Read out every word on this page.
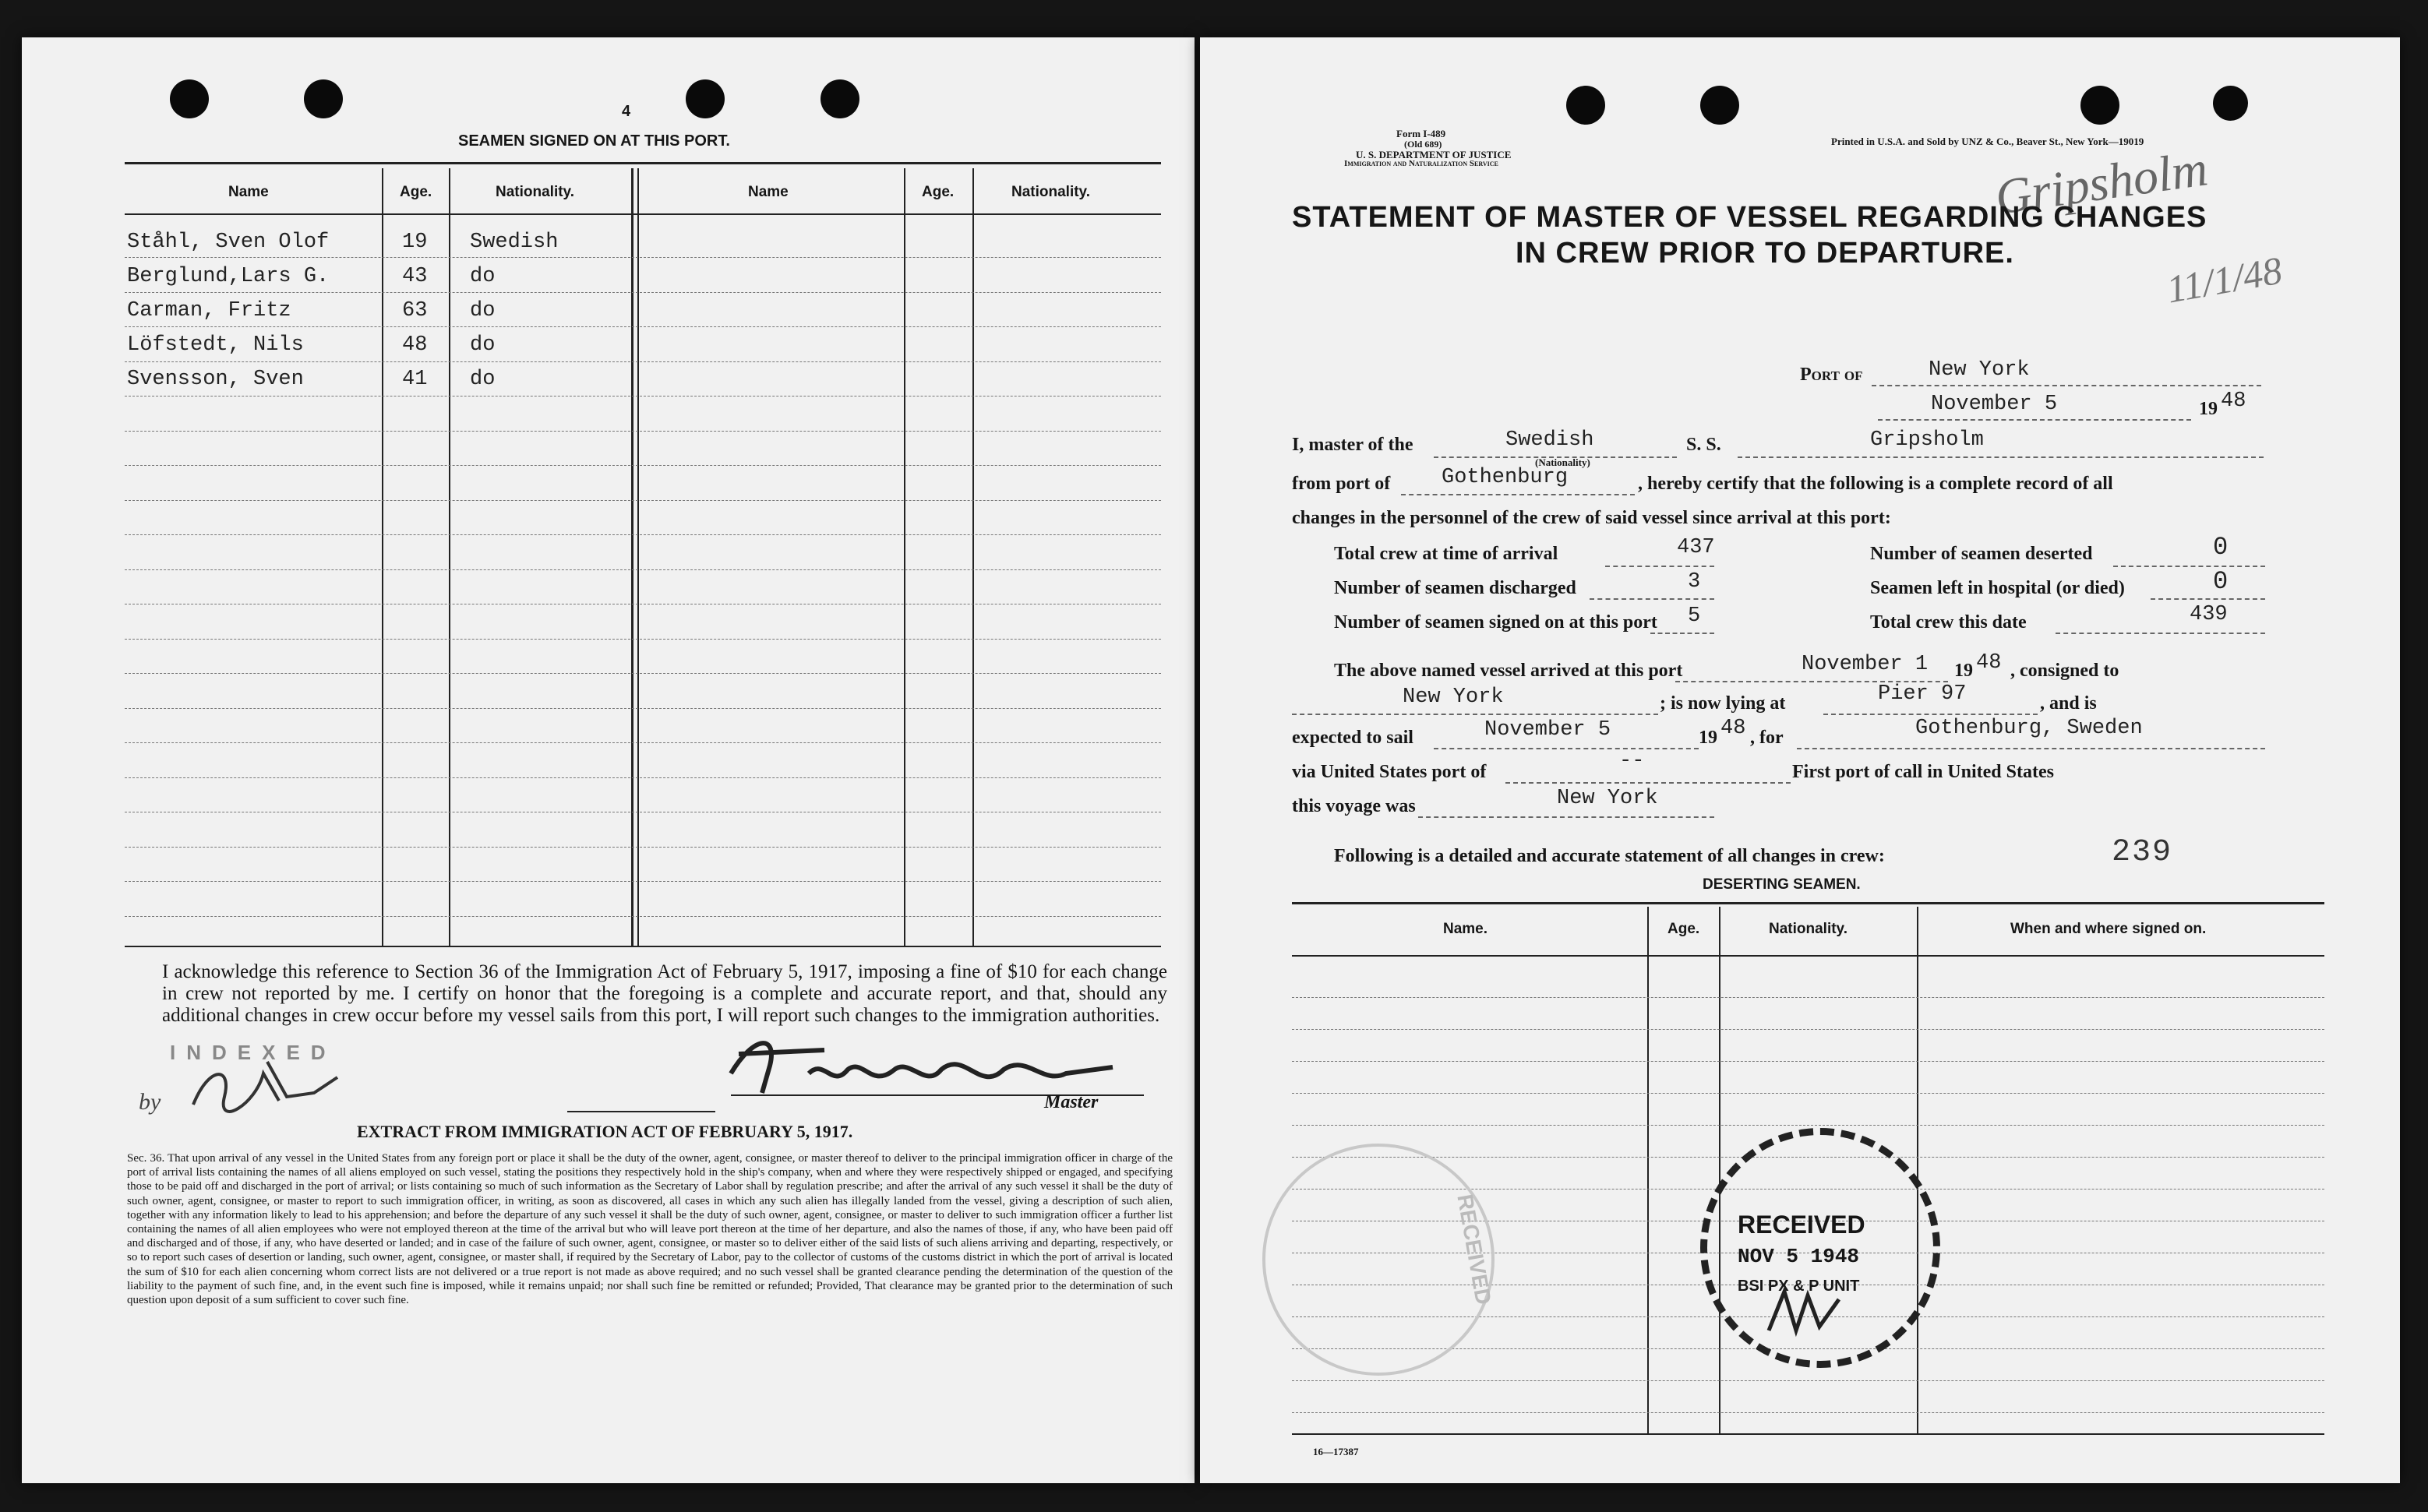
4
SEAMEN SIGNED ON AT THIS PORT.
Name	Age.	Nationality.	Name	Age.	Nationality.
Ståhl, Sven Olof	19 Swedish
Berglund,Lars G.	43 do
Carman, Fritz	63 do
Löfstedt, Nils	48 do
Svensson, Sven	41 do
I acknowledge this reference to Section 36 of the Immigration Act of February 5, 1917, imposing a fine of $10 for each change in crew not reported by me. I certify on honor that the foregoing is a complete and accurate report, and that, should any additional changes in crew occur before my vessel sails from this port, I will report such changes to the immigration authorities.
INDEXED
by	Master
EXTRACT FROM IMMIGRATION ACT OF FEBRUARY 5, 1917.
Sec. 36. That upon arrival of any vessel in the United States from any foreign port or place it shall be the duty of the owner, agent, consignee, or master thereof to deliver to the principal immigration officer in charge of the port of arrival lists containing the names of all aliens employed on such vessel, stating the positions they respectively hold in the ship's company, when and where they were respectively shipped or engaged, and specifying those to be paid off and discharged in the port of arrival; or lists containing so much of such information as the Secretary of Labor shall by regulation prescribe; and after the arrival of any such vessel it shall be the duty of such owner, agent, consignee, or master to report to such immigration officer, in writing, as soon as discovered, all cases in which any such alien has illegally landed from the vessel, giving a description of such alien, together with any information likely to lead to his apprehension; and before the departure of any such vessel it shall be the duty of such owner, agent, consignee, or master to deliver to such immigration officer a further list containing the names of all alien employees who were not employed thereon at the time of the arrival but who will leave port thereon at the time of her departure, and also the names of those, if any, who have been paid off and discharged and of those, if any, who have deserted or landed; and in case of the failure of such owner, agent, consignee, or master so to deliver either of the said lists of such aliens arriving and departing, respectively, or so to report such cases of desertion or landing, such owner, agent, consignee, or master shall, if required by the Secretary of Labor, pay to the collector of customs of the customs district in which the port of arrival is located the sum of $10 for each alien concerning whom correct lists are not delivered or a true report is not made as above required; and no such vessel shall be granted clearance pending the determination of the question of the liability to the payment of such fine, and, in the event such fine is imposed, while it remains unpaid; nor shall such fine be remitted or refunded; Provided, That clearance may be granted prior to the determination of such question upon deposit of a sum sufficient to cover such fine.
Form I-489
(Old 689)
U. S. DEPARTMENT OF JUSTICE
Immigration and Naturalization Service
Printed in U.S.A. and Sold by UNZ & Co., Beaver St., New York—19019
Gripsholm
11/1/48
STATEMENT OF MASTER OF VESSEL REGARDING CHANGES
IN CREW PRIOR TO DEPARTURE.
Port of	New York
November 5	19 48
I, master of the	Swedish
(Nationality)
S. S.	Gripsholm
from port of Gothenburg	, hereby certify that the following is a complete record of all
changes in the personnel of the crew of said vessel since arrival at this port:
Total crew at time of arrival	437
Number of seamen discharged	3
Number of seamen signed on at this port 5
Number of seamen deserted	0
Seamen left in hospital (or died)	0
Total crew this date	439
The above named vessel arrived at this port	November 1 19 48 , consigned to
New York	; is now lying at	Pier 97	, and is
expected to sail	November 5	19 48 , for	Gothenburg, Sweden
via United States port of	--	First port of call in United States
this voyage was	New York
Following is a detailed and accurate statement of all changes in crew:	239
DESERTING SEAMEN.
Name.	Age.	Nationality.	When and where signed on.
RECEIVED	RECEIVED
NOV 5 1948
BSI PX & P UNIT
16—17387
